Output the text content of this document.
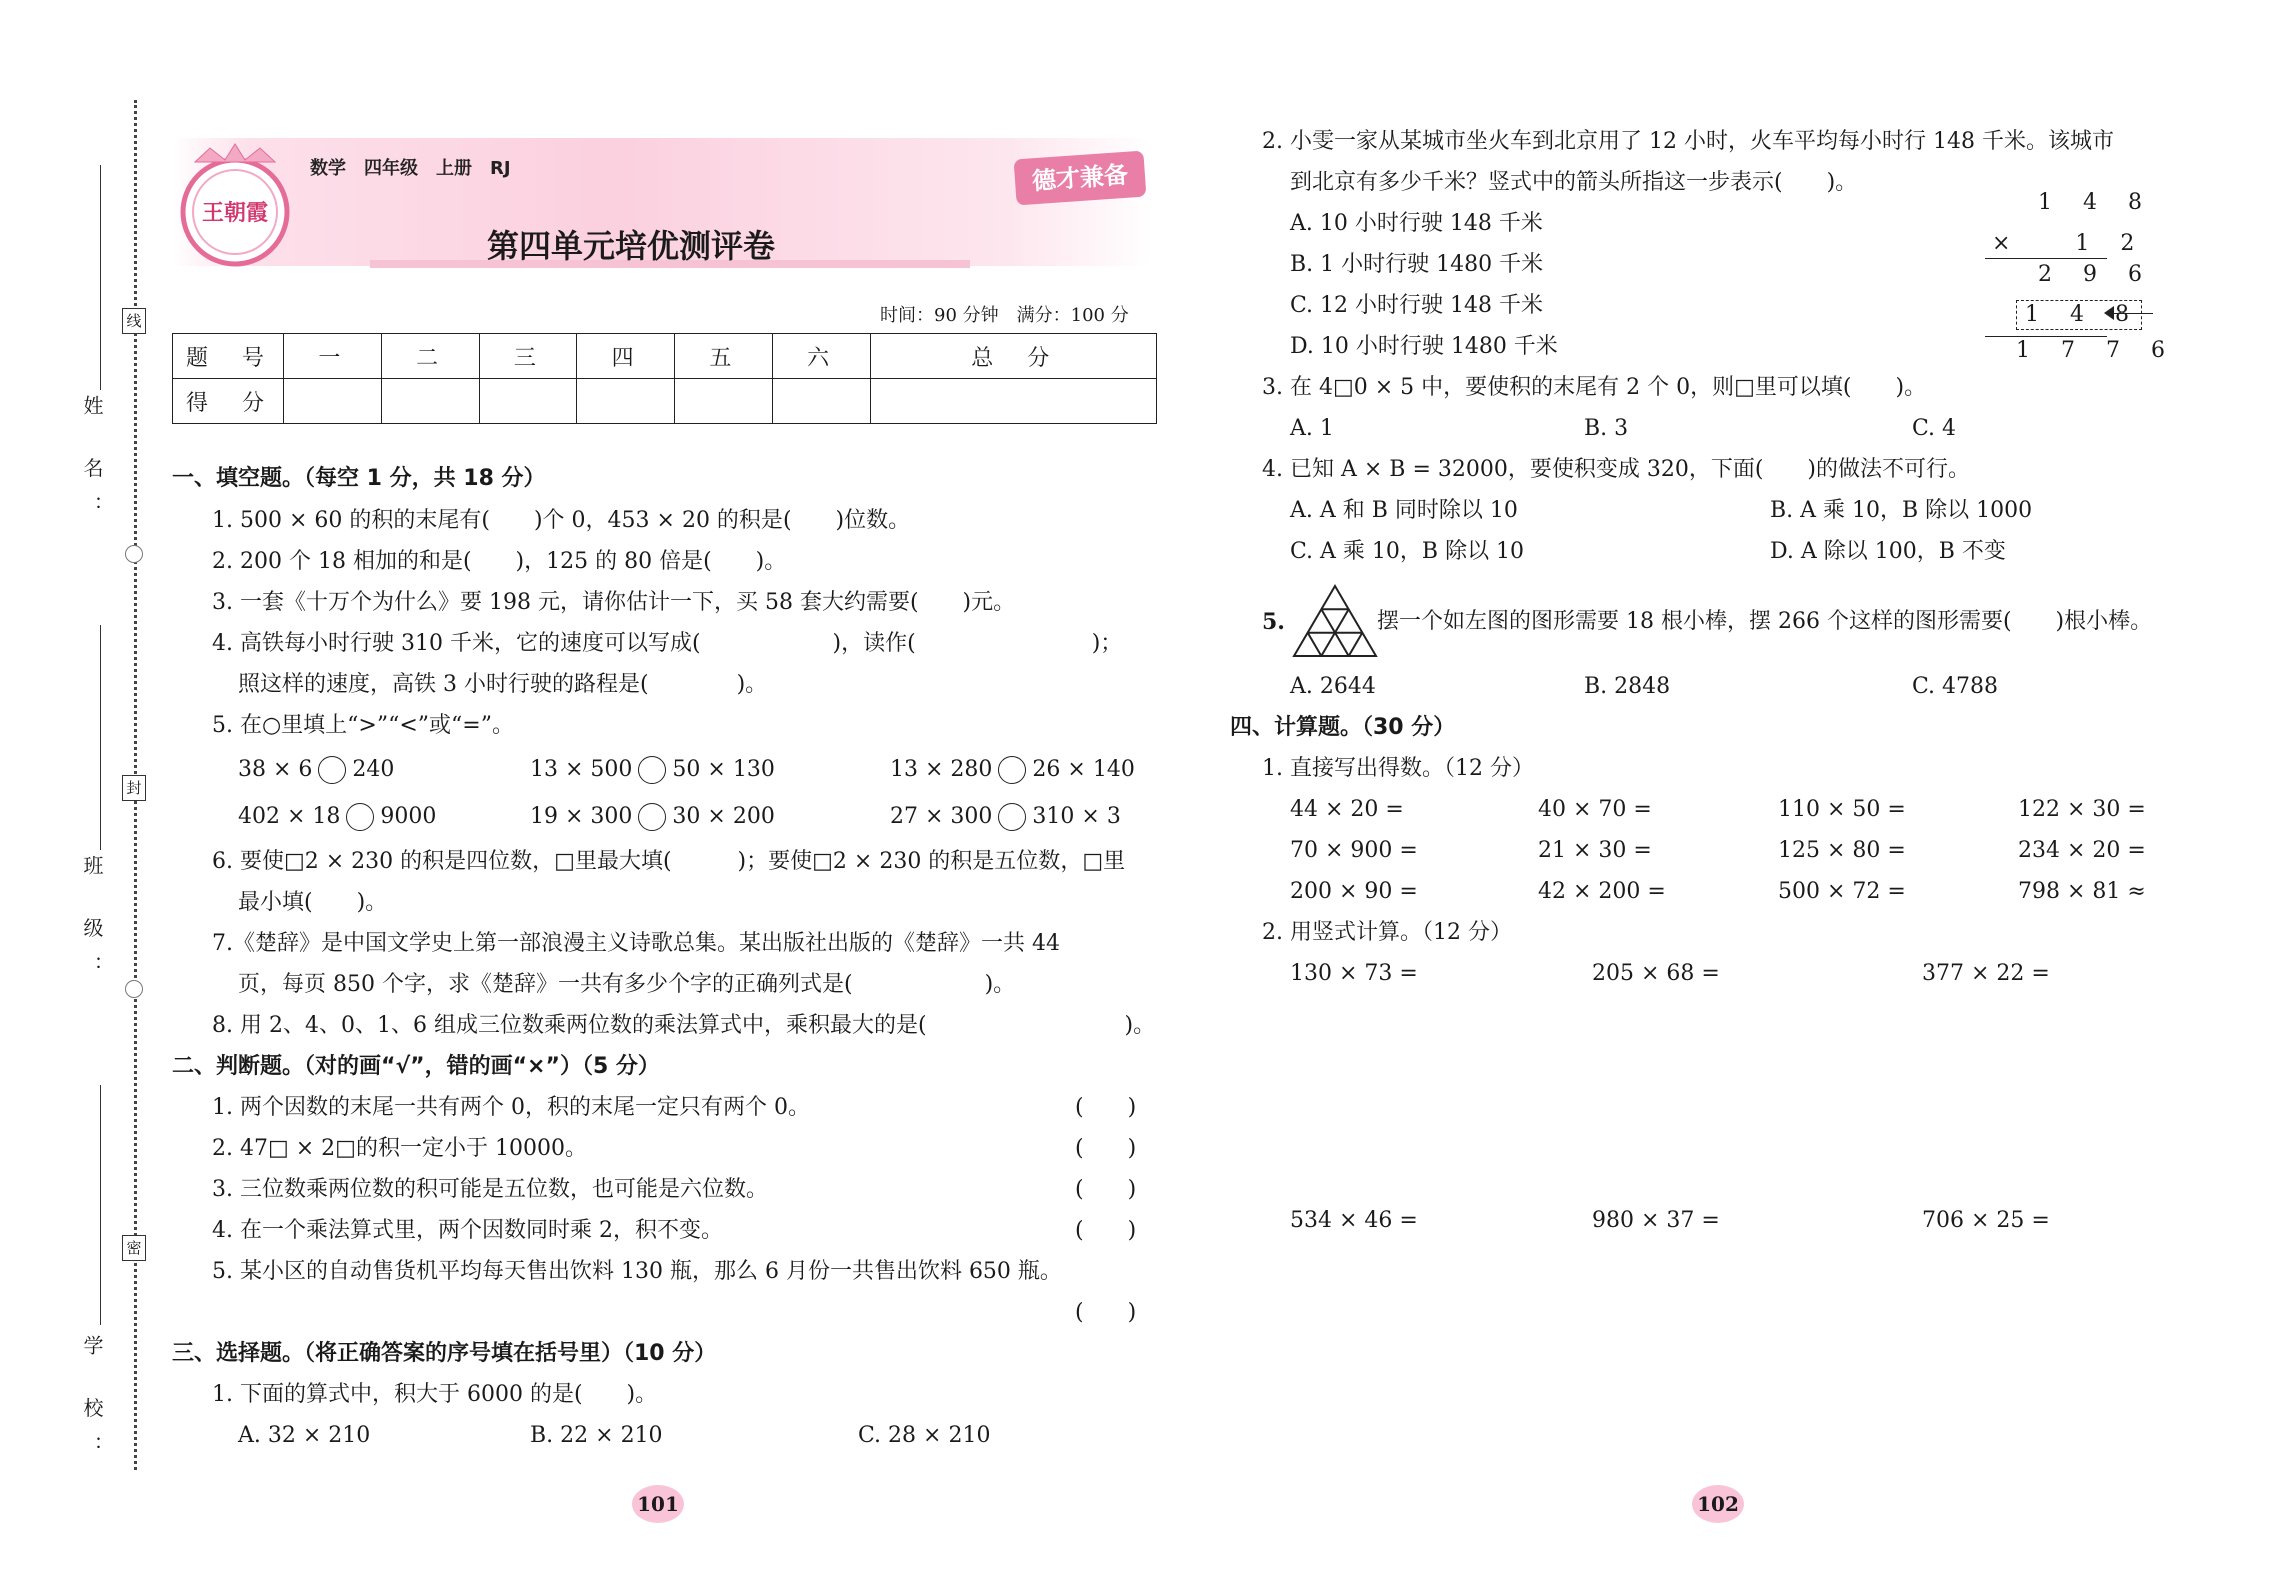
姓 名：
班 级：
学 校：
线
封
密
王朝霞
数学　四年级　上册　RJ	德才兼备
第四单元培优测评卷
时间：90 分钟　满分：100 分
题　号	一	二	三	四	五	六	总　分
得　分							
一、填空题。（每空 1 分，共 18 分）
1. 500 × 60 的积的末尾有(　　)个 0，453 × 20 的积是(　　)位数。
2. 200 个 18 相加的和是(　　)，125 的 80 倍是(　　)。
3. 一套《十万个为什么》要 198 元，请你估计一下，买 58 套大约需要(　　)元。
4. 高铁每小时行驶 310 千米，它的速度可以写成(　　　　　　)，读作(　　　　　　　　)；
照这样的速度，高铁 3 小时行驶的路程是(　　　　)。
5. 在○里填上“>”“<”或“=”。
38 × 6 240	13 × 500 50 × 130	13 × 280 26 × 140
402 × 18 9000	19 × 300 30 × 200	27 × 300 310 × 3
6. 要使□2 × 230 的积是四位数，□里最大填(　　　)；要使□2 × 230 的积是五位数，□里
最小填(　　)。
7.《楚辞》是中国文学史上第一部浪漫主义诗歌总集。某出版社出版的《楚辞》一共 44
页，每页 850 个字，求《楚辞》一共有多少个字的正确列式是(　　　　　　)。
8. 用 2、4、0、1、6 组成三位数乘两位数的乘法算式中，乘积最大的是(　　　　　　　　　)。
二、判断题。（对的画“√”，错的画“×”）（5 分）
1. 两个因数的末尾一共有两个 0，积的末尾一定只有两个 0。	(　　)
2. 47□ × 2□的积一定小于 10000。	(　　)
3. 三位数乘两位数的积可能是五位数，也可能是六位数。	(　　)
4. 在一个乘法算式里，两个因数同时乘 2，积不变。	(　　)
5. 某小区的自动售货机平均每天售出饮料 130 瓶，那么 6 月份一共售出饮料 650 瓶。
(　　)
三、选择题。（将正确答案的序号填在括号里）（10 分）
1. 下面的算式中，积大于 6000 的是(　　)。
A. 32 × 210	B. 22 × 210	C. 28 × 210
101
2. 小雯一家从某城市坐火车到北京用了 12 小时，火车平均每小时行 148 千米。该城市
到北京有多少千米？竖式中的箭头所指这一步表示(　　)。
A. 10 小时行驶 148 千米
B. 1 小时行驶 1480 千米
C. 12 小时行驶 148 千米
D. 10 小时行驶 1480 千米
1 4 8
× 　1 2
2 9 6
1 4 8
1 7 7 6
3. 在 4□0 × 5 中，要使积的末尾有 2 个 0，则□里可以填(　　)。
A. 1	B. 3	C. 4
4. 已知 A × B = 32000，要使积变成 320，下面(　　)的做法不可行。
A. A 和 B 同时除以 10	B. A 乘 10，B 除以 1000
C. A 乘 10，B 除以 10	D. A 除以 100，B 不变
5.	摆一个如左图的图形需要 18 根小棒，摆 266 个这样的图形需要(　　)根小棒。
A. 2644	B. 2848	C. 4788
四、计算题。（30 分）
1. 直接写出得数。（12 分）
44 × 20 =	40 × 70 =	110 × 50 =	122 × 30 =
70 × 900 =	21 × 30 =	125 × 80 =	234 × 20 =
200 × 90 =	42 × 200 =	500 × 72 =	798 × 81 ≈
2. 用竖式计算。（12 分）
130 × 73 =	205 × 68 =	377 × 22 =
534 × 46 =	980 × 37 =	706 × 25 =
102
